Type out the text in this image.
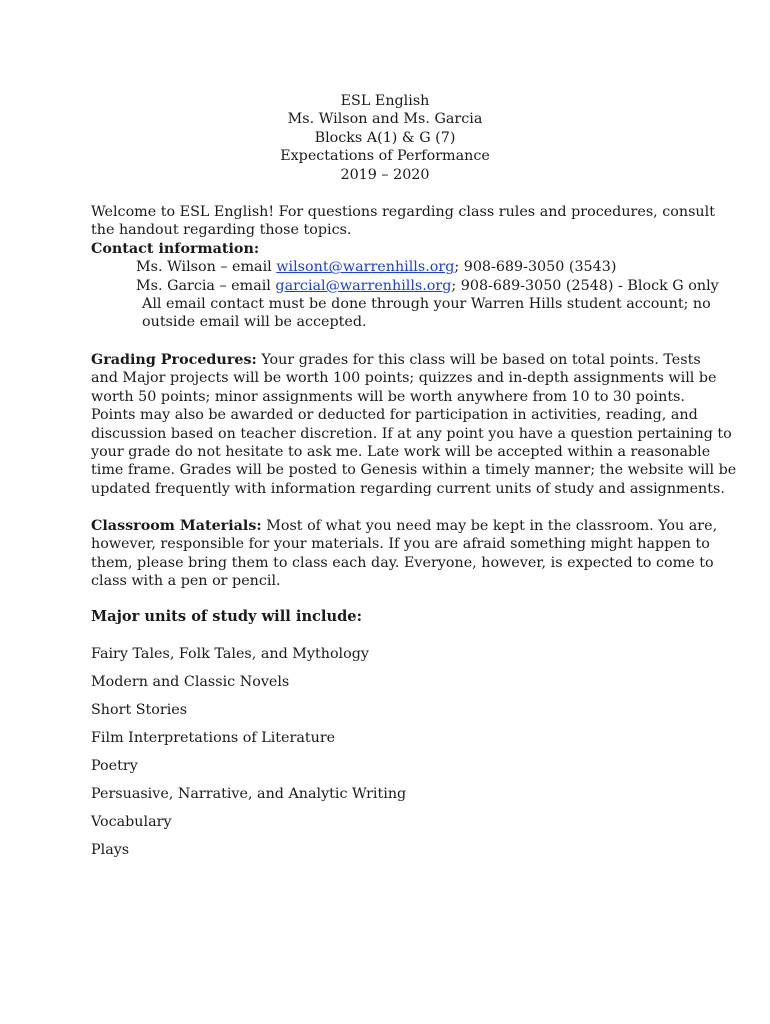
ESL English
Ms. Wilson and Ms. Garcia
Blocks A(1) & G (7)
Expectations of Performance
2019 – 2020
Welcome to ESL English! For questions regarding class rules and procedures, consult
the handout regarding those topics.
Contact information:
Ms. Wilson – email wilsont@warrenhills.org; 908-689-3050 (3543)
Ms. Garcia – email garcial@warrenhills.org; 908-689-3050 (2548) - Block G only
All email contact must be done through your Warren Hills student account; no
outside email will be accepted.
Grading Procedures: Your grades for this class will be based on total points. Tests
and Major projects will be worth 100 points; quizzes and in-depth assignments will be
worth 50 points; minor assignments will be worth anywhere from 10 to 30 points.
Points may also be awarded or deducted for participation in activities, reading, and
discussion based on teacher discretion. If at any point you have a question pertaining to
your grade do not hesitate to ask me. Late work will be accepted within a reasonable
time frame. Grades will be posted to Genesis within a timely manner; the website will be
updated frequently with information regarding current units of study and assignments.
Classroom Materials: Most of what you need may be kept in the classroom. You are,
however, responsible for your materials. If you are afraid something might happen to
them, please bring them to class each day. Everyone, however, is expected to come to
class with a pen or pencil.
Major units of study will include:
Fairy Tales, Folk Tales, and Mythology
Modern and Classic Novels
Short Stories
Film Interpretations of Literature
Poetry
Persuasive, Narrative, and Analytic Writing
Vocabulary
Plays
